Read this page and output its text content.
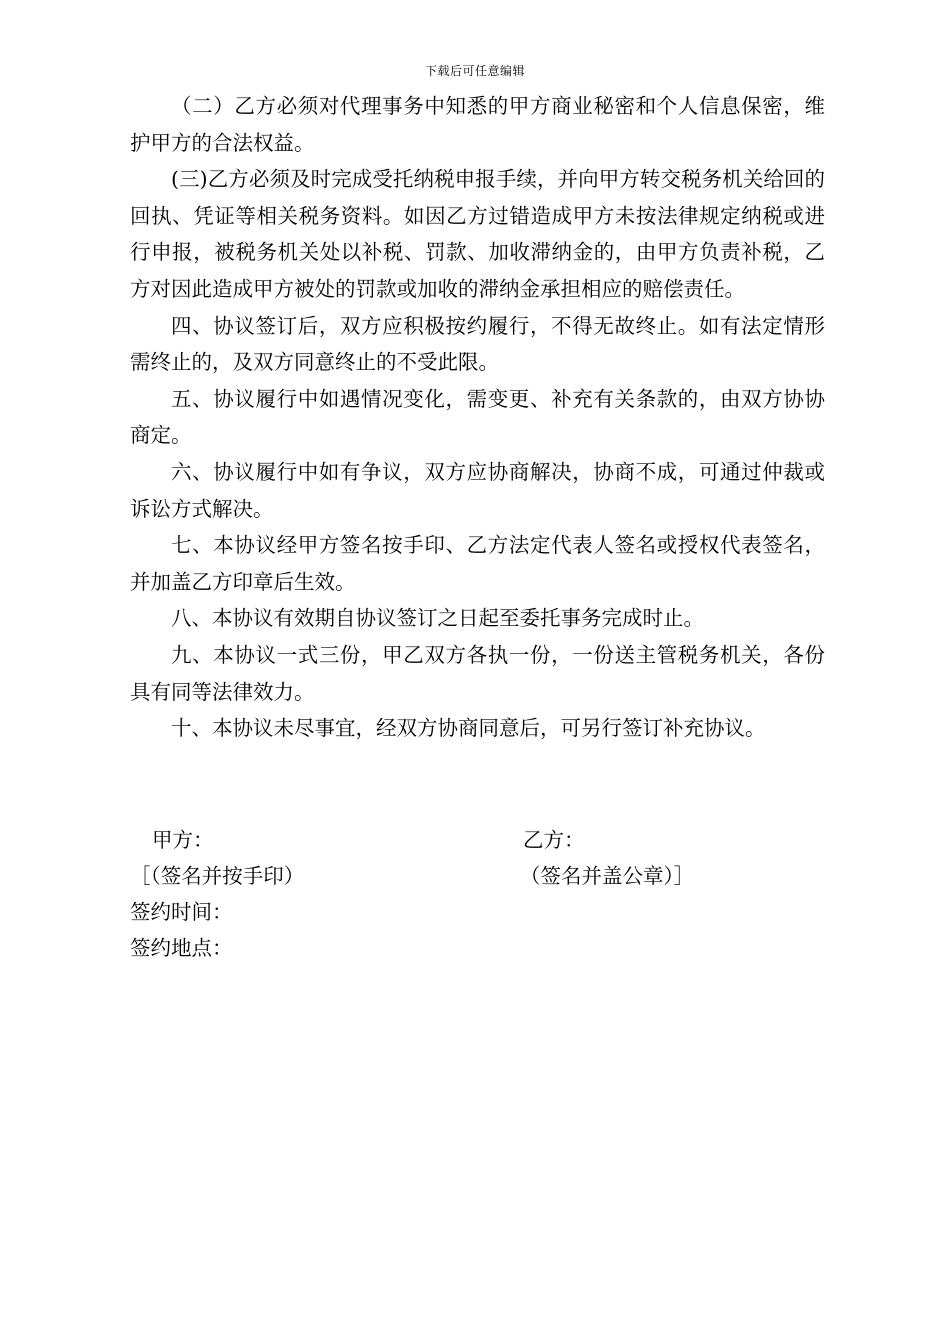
下载后可任意编辑

（二）乙方必须对代理事务中知悉的甲方商业秘密和个人信息保密，维护甲方的合法权益。

(三)乙方必须及时完成受托纳税申报手续，并向甲方转交税务机关给回的回执、凭证等相关税务资料。如因乙方过错造成甲方未按法律规定纳税或进行申报，被税务机关处以补税、罚款、加收滞纳金的，由甲方负责补税，乙方对因此造成甲方被处的罚款或加收的滞纳金承担相应的赔偿责任。

四、协议签订后，双方应积极按约履行，不得无故终止。如有法定情形需终止的，及双方同意终止的不受此限。

五、协议履行中如遇情况变化，需变更、补充有关条款的，由双方协协商定。

六、协议履行中如有争议，双方应协商解决，协商不成，可通过仲裁或诉讼方式解决。

七、本协议经甲方签名按手印、乙方法定代表人签名或授权代表签名，并加盖乙方印章后生效。

八、本协议有效期自协议签订之日起至委托事务完成时止。

九、本协议一式三份，甲乙双方各执一份，一份送主管税务机关，各份具有同等法律效力。

十、本协议未尽事宜，经双方协商同意后，可另行签订补充协议。

甲方：	乙方：
［（签名并按手印）	（签名并盖公章）］
签约时间：
签约地点：
